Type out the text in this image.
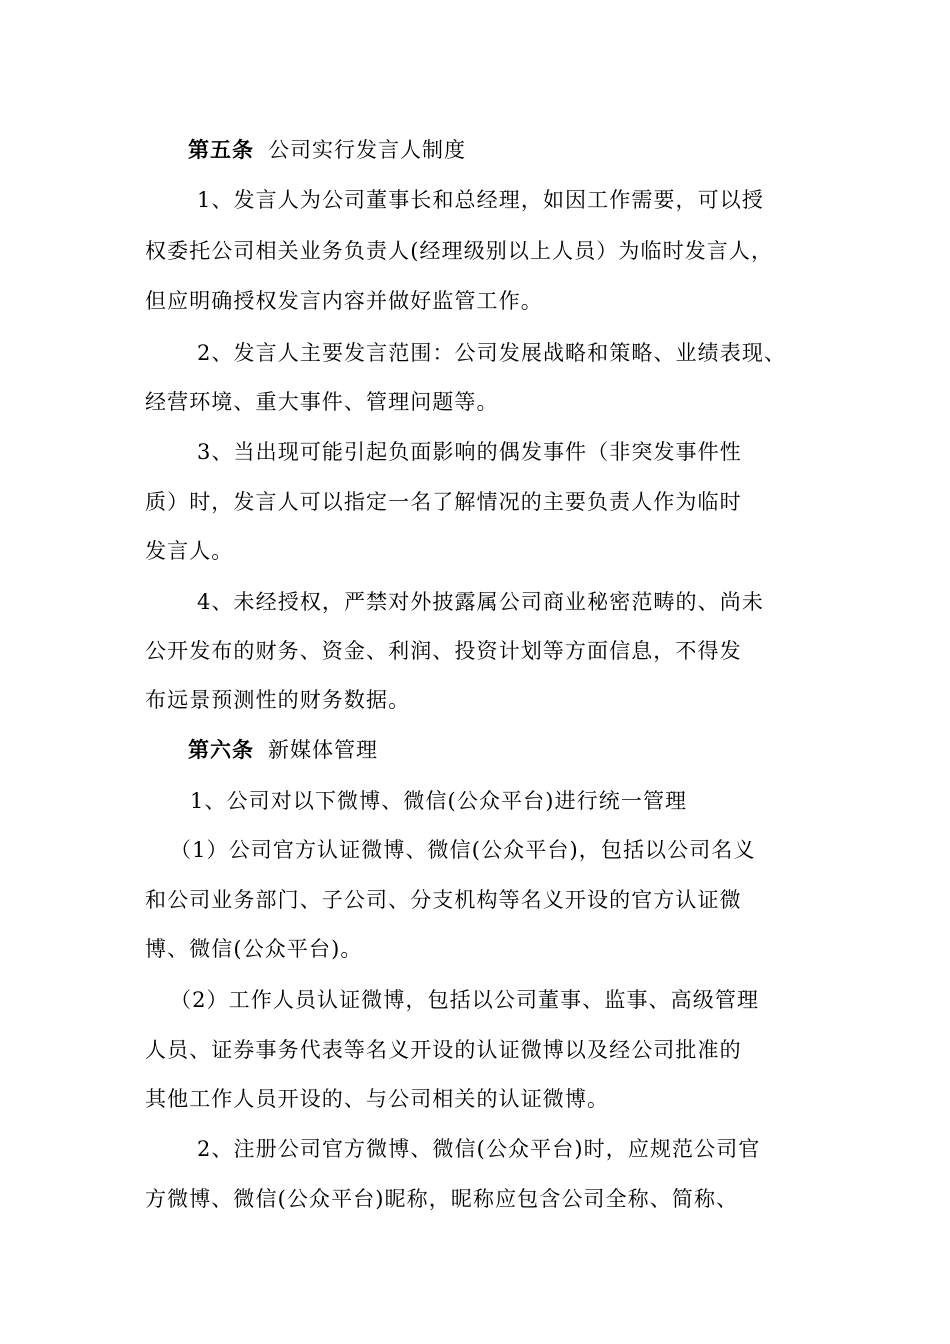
第五条 公司实行发言人制度
1、发言人为公司董事长和总经理，如因工作需要，可以授
权委托公司相关业务负责人(经理级别以上人员）为临时发言人，
但应明确授权发言内容并做好监管工作。
2、发言人主要发言范围：公司发展战略和策略、业绩表现、
经营环境、重大事件、管理问题等。
3、当出现可能引起负面影响的偶发事件（非突发事件性
质）时，发言人可以指定一名了解情况的主要负责人作为临时
发言人。
4、未经授权，严禁对外披露属公司商业秘密范畴的、尚未
公开发布的财务、资金、利润、投资计划等方面信息，不得发
布远景预测性的财务数据。
第六条 新媒体管理
1、公司对以下微博、微信(公众平台)进行统一管理
（1）公司官方认证微博、微信(公众平台)，包括以公司名义
和公司业务部门、子公司、分支机构等名义开设的官方认证微
博、微信(公众平台)。
（2）工作人员认证微博，包括以公司董事、监事、高级管理
人员、证券事务代表等名义开设的认证微博以及经公司批准的
其他工作人员开设的、与公司相关的认证微博。
2、注册公司官方微博、微信(公众平台)时，应规范公司官
方微博、微信(公众平台)昵称，昵称应包含公司全称、简称、
